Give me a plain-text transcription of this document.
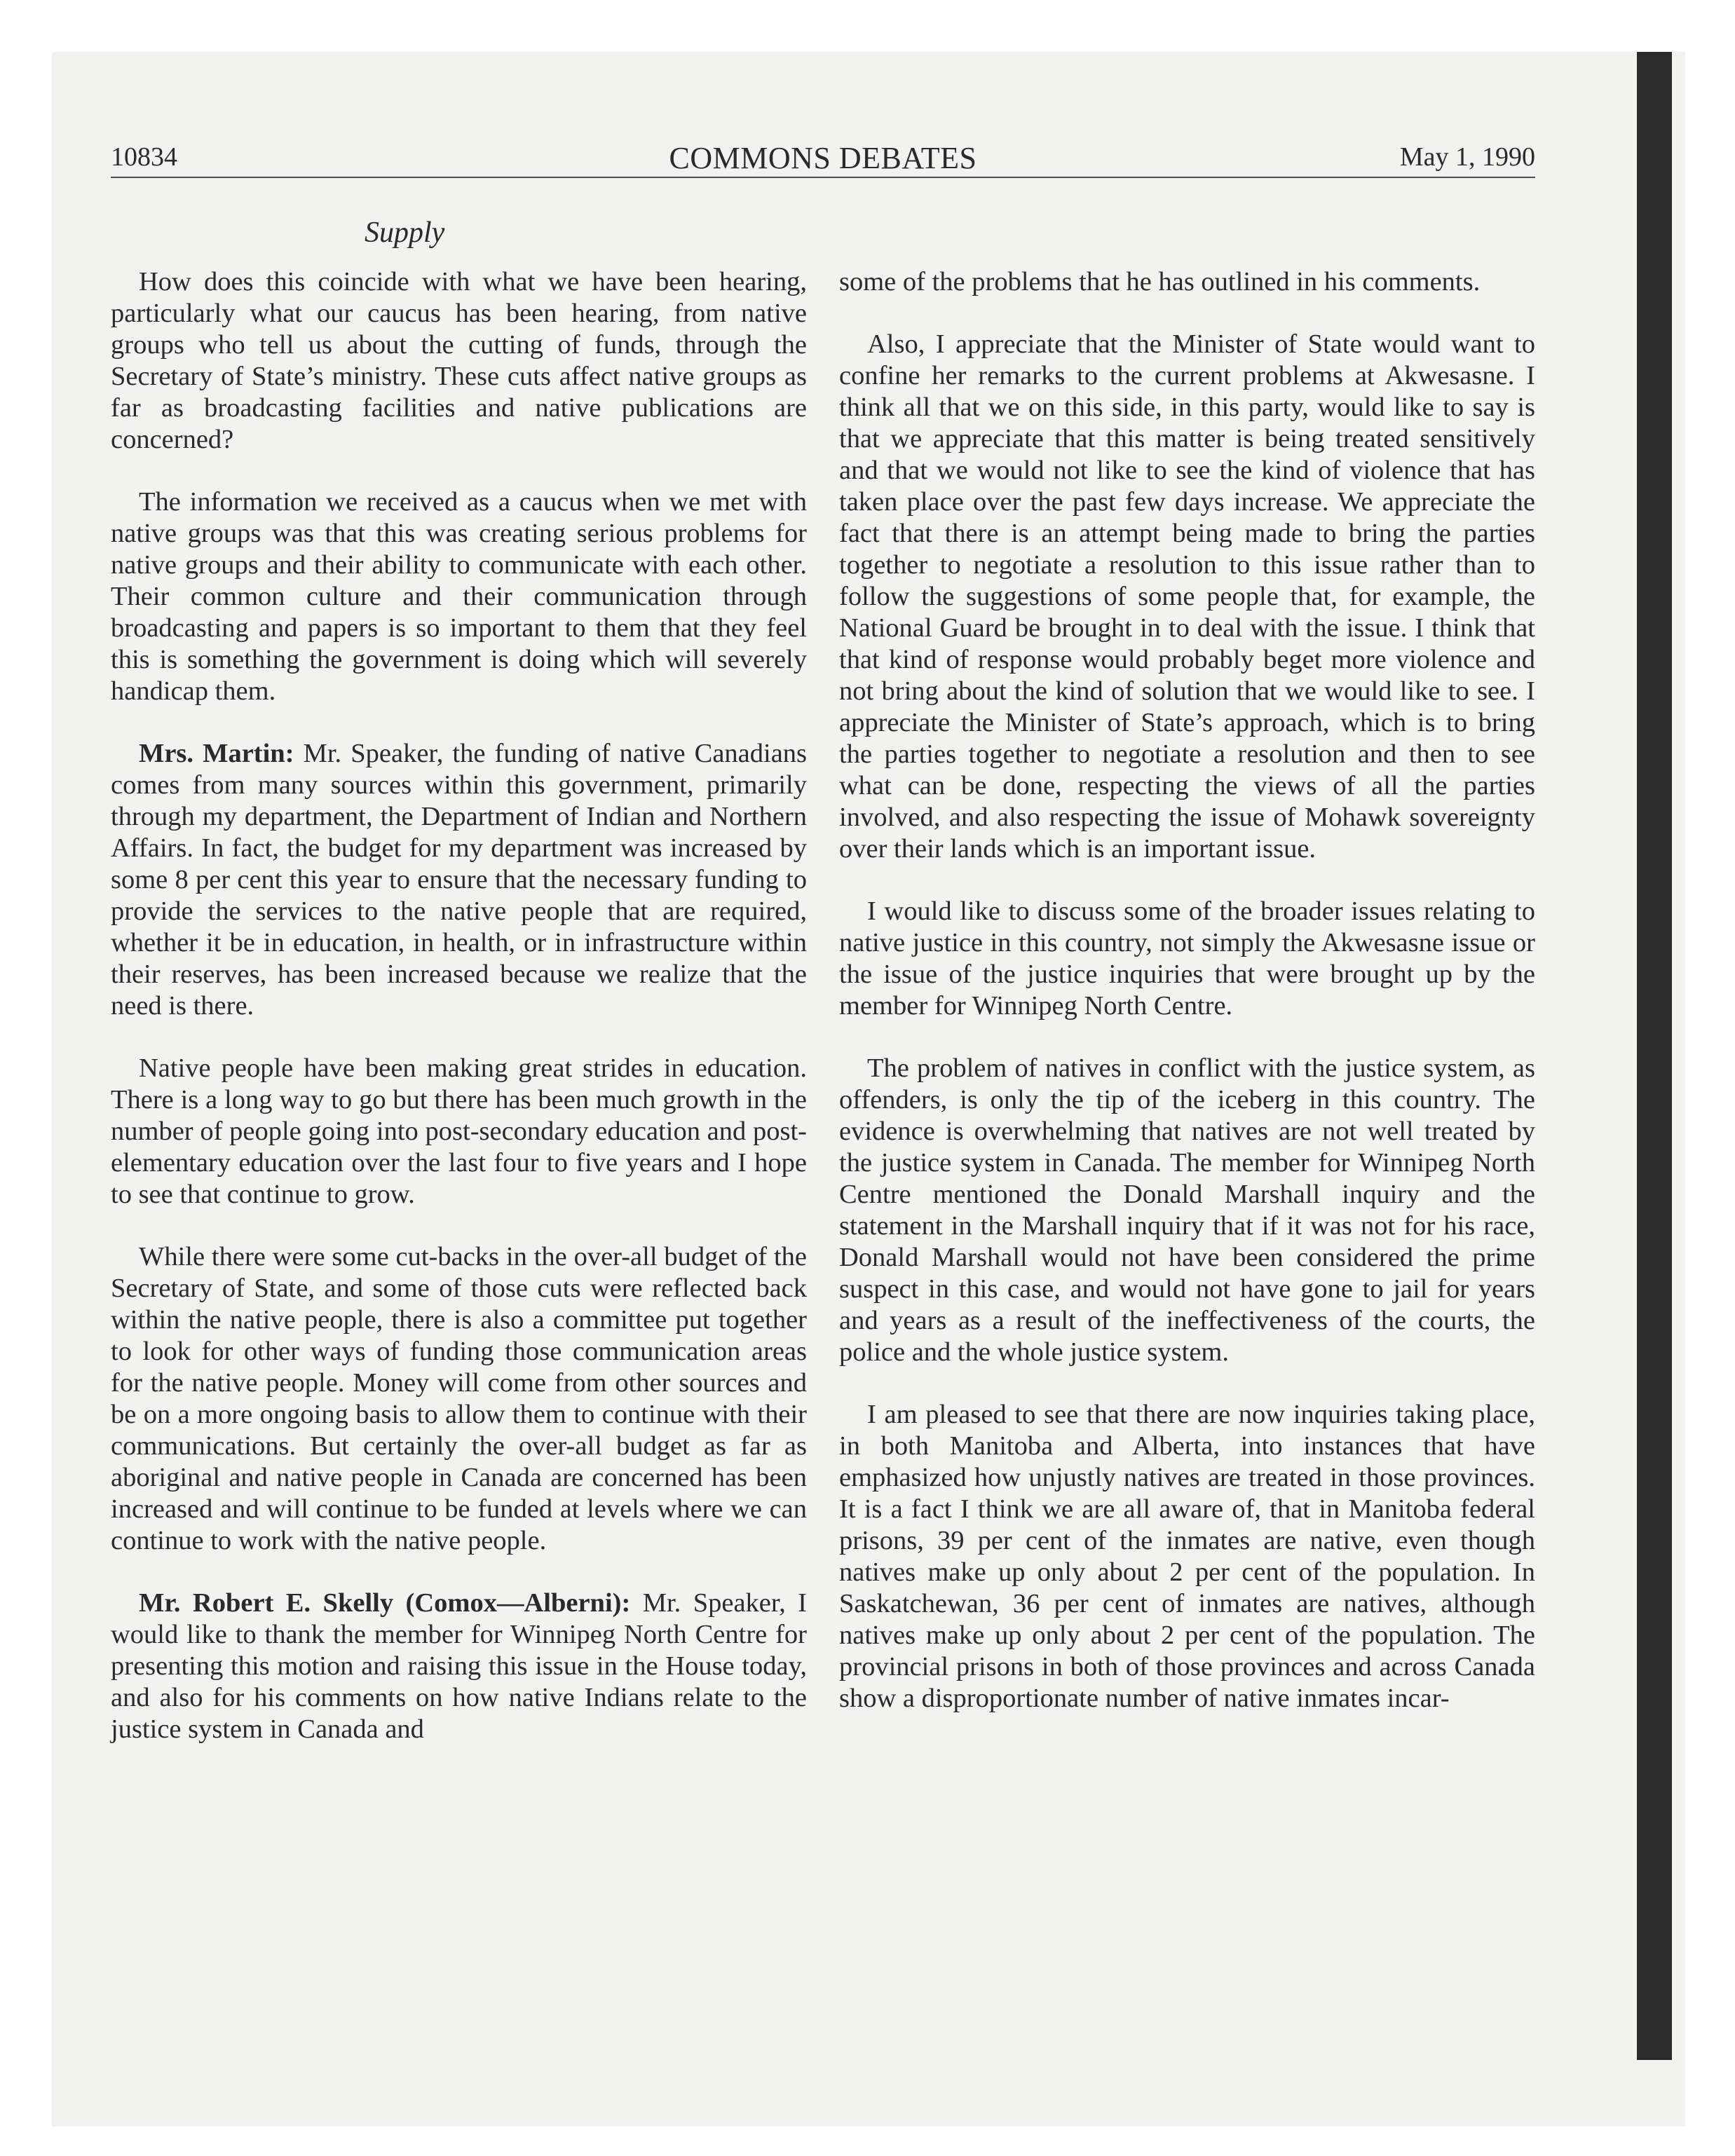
10834	COMMONS DEBATES	May 1, 1990
Supply

How does this coincide with what we have been hearing, particularly what our caucus has been hearing, from native groups who tell us about the cutting of funds, through the Secretary of State’s ministry. These cuts affect native groups as far as broadcasting facilities and native publications are concerned?

The information we received as a caucus when we met with native groups was that this was creating serious problems for native groups and their ability to communicate with each other. Their common culture and their communication through broadcasting and papers is so important to them that they feel this is something the government is doing which will severely handicap them.

Mrs. Martin: Mr. Speaker, the funding of native Canadians comes from many sources within this government, primarily through my department, the Department of Indian and Northern Affairs. In fact, the budget for my department was increased by some 8 per cent this year to ensure that the necessary funding to provide the services to the native people that are required, whether it be in education, in health, or in infrastructure within their reserves, has been increased because we realize that the need is there.

Native people have been making great strides in education. There is a long way to go but there has been much growth in the number of people going into post-secondary education and post-elementary education over the last four to five years and I hope to see that continue to grow.

While there were some cut-backs in the over-all budget of the Secretary of State, and some of those cuts were reflected back within the native people, there is also a committee put together to look for other ways of funding those communication areas for the native people. Money will come from other sources and be on a more ongoing basis to allow them to continue with their communications. But certainly the over-all budget as far as aboriginal and native people in Canada are concerned has been increased and will continue to be funded at levels where we can continue to work with the native people.

Mr. Robert E. Skelly (Comox—Alberni): Mr. Speaker, I would like to thank the member for Winnipeg North Centre for presenting this motion and raising this issue in the House today, and also for his comments on how native Indians relate to the justice system in Canada and

some of the problems that he has outlined in his comments.

Also, I appreciate that the Minister of State would want to confine her remarks to the current problems at Akwesasne. I think all that we on this side, in this party, would like to say is that we appreciate that this matter is being treated sensitively and that we would not like to see the kind of violence that has taken place over the past few days increase. We appreciate the fact that there is an attempt being made to bring the parties together to negotiate a resolution to this issue rather than to follow the suggestions of some people that, for example, the National Guard be brought in to deal with the issue. I think that that kind of response would probably beget more violence and not bring about the kind of solution that we would like to see. I appreciate the Minister of State’s approach, which is to bring the parties together to negotiate a resolution and then to see what can be done, respecting the views of all the parties involved, and also respecting the issue of Mohawk sovereignty over their lands which is an important issue.

I would like to discuss some of the broader issues relating to native justice in this country, not simply the Akwesasne issue or the issue of the justice inquiries that were brought up by the member for Winnipeg North Centre.

The problem of natives in conflict with the justice system, as offenders, is only the tip of the iceberg in this country. The evidence is overwhelming that natives are not well treated by the justice system in Canada. The member for Winnipeg North Centre mentioned the Donald Marshall inquiry and the statement in the Marshall inquiry that if it was not for his race, Donald Marshall would not have been considered the prime suspect in this case, and would not have gone to jail for years and years as a result of the ineffectiveness of the courts, the police and the whole justice system.

I am pleased to see that there are now inquiries taking place, in both Manitoba and Alberta, into instances that have emphasized how unjustly natives are treated in those provinces. It is a fact I think we are all aware of, that in Manitoba federal prisons, 39 per cent of the inmates are native, even though natives make up only about 2 per cent of the population. In Saskatchewan, 36 per cent of inmates are natives, although natives make up only about 2 per cent of the population. The provincial prisons in both of those provinces and across Canada show a disproportionate number of native inmates incar-
